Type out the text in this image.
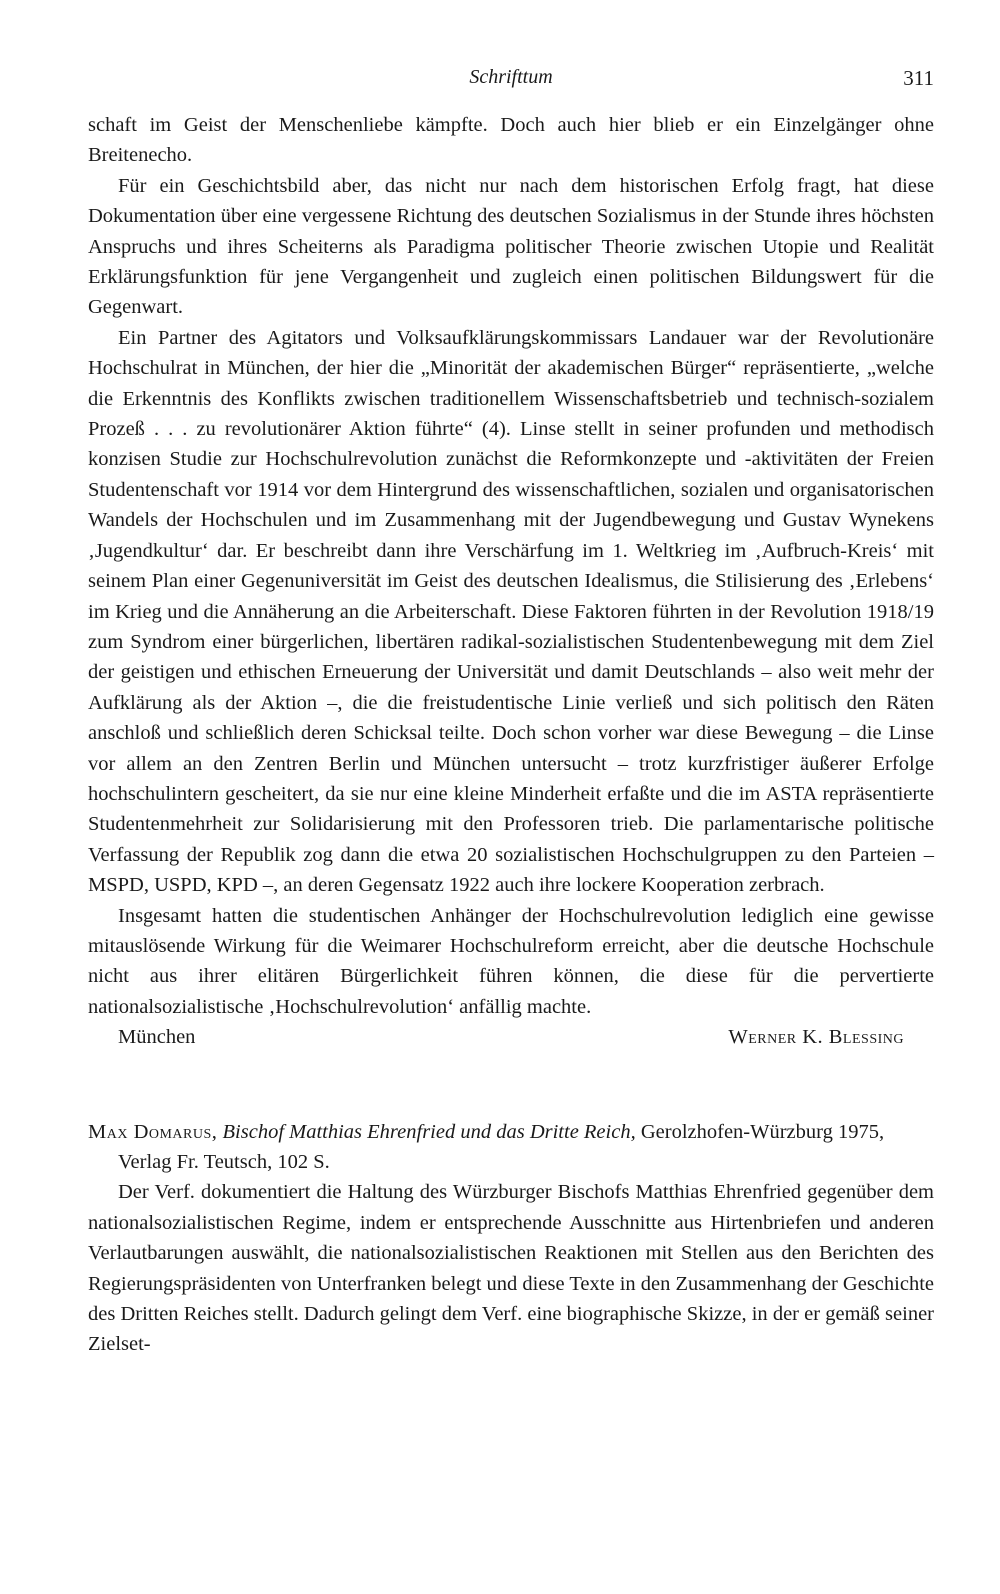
Schrifttum	311

schaft im Geist der Menschenliebe kämpfte. Doch auch hier blieb er ein Einzelgänger ohne Breitenecho.

Für ein Geschichtsbild aber, das nicht nur nach dem historischen Erfolg fragt, hat diese Dokumentation über eine vergessene Richtung des deutschen Sozialismus in der Stunde ihres höchsten Anspruchs und ihres Scheiterns als Paradigma politischer Theorie zwischen Utopie und Realität Erklärungsfunktion für jene Vergangenheit und zugleich einen politischen Bildungswert für die Gegenwart.

Ein Partner des Agitators und Volksaufklärungskommissars Landauer war der Revolutionäre Hochschulrat in München, der hier die „Minorität der akademischen Bürger“ repräsentierte, „welche die Erkenntnis des Konflikts zwischen traditionellem Wissenschaftsbetrieb und technisch-sozialem Prozeß . . . zu revolutionärer Aktion führte“ (4). Linse stellt in seiner profunden und methodisch konzisen Studie zur Hochschulrevolution zunächst die Reformkonzepte und -aktivitäten der Freien Studentenschaft vor 1914 vor dem Hintergrund des wissenschaftlichen, sozialen und organisatorischen Wandels der Hochschulen und im Zusammenhang mit der Jugendbewegung und Gustav Wynekens ‚Jugendkultur‘ dar. Er beschreibt dann ihre Verschärfung im 1. Weltkrieg im ‚Aufbruch-Kreis‘ mit seinem Plan einer Gegenuniversität im Geist des deutschen Idealismus, die Stilisierung des ‚Erlebens‘ im Krieg und die Annäherung an die Arbeiterschaft. Diese Faktoren führten in der Revolution 1918/19 zum Syndrom einer bürgerlichen, libertären radikal-sozialistischen Studentenbewegung mit dem Ziel der geistigen und ethischen Erneuerung der Universität und damit Deutschlands – also weit mehr der Aufklärung als der Aktion –, die die freistudentische Linie verließ und sich politisch den Räten anschloß und schließlich deren Schicksal teilte. Doch schon vorher war diese Bewegung – die Linse vor allem an den Zentren Berlin und München untersucht – trotz kurzfristiger äußerer Erfolge hochschulintern gescheitert, da sie nur eine kleine Minderheit erfaßte und die im ASTA repräsentierte Studentenmehrheit zur Solidarisierung mit den Professoren trieb. Die parlamentarische politische Verfassung der Republik zog dann die etwa 20 sozialistischen Hochschulgruppen zu den Parteien – MSPD, USPD, KPD –, an deren Gegensatz 1922 auch ihre lockere Kooperation zerbrach.

Insgesamt hatten die studentischen Anhänger der Hochschulrevolution lediglich eine gewisse mitauslösende Wirkung für die Weimarer Hochschulreform erreicht, aber die deutsche Hochschule nicht aus ihrer elitären Bürgerlichkeit führen können, die diese für die pervertierte nationalsozialistische ‚Hochschulrevolution‘ anfällig machte.

München	Werner K. Blessing
Max Domarus, Bischof Matthias Ehrenfried und das Dritte Reich, Gerolzhofen-Würzburg 1975, Verlag Fr. Teutsch, 102 S.

Der Verf. dokumentiert die Haltung des Würzburger Bischofs Matthias Ehrenfried gegenüber dem nationalsozialistischen Regime, indem er entsprechende Ausschnitte aus Hirtenbriefen und anderen Verlautbarungen auswählt, die nationalsozialistischen Reaktionen mit Stellen aus den Berichten des Regierungspräsidenten von Unterfranken belegt und diese Texte in den Zusammenhang der Geschichte des Dritten Reiches stellt. Dadurch gelingt dem Verf. eine biographische Skizze, in der er gemäß seiner Zielset-
